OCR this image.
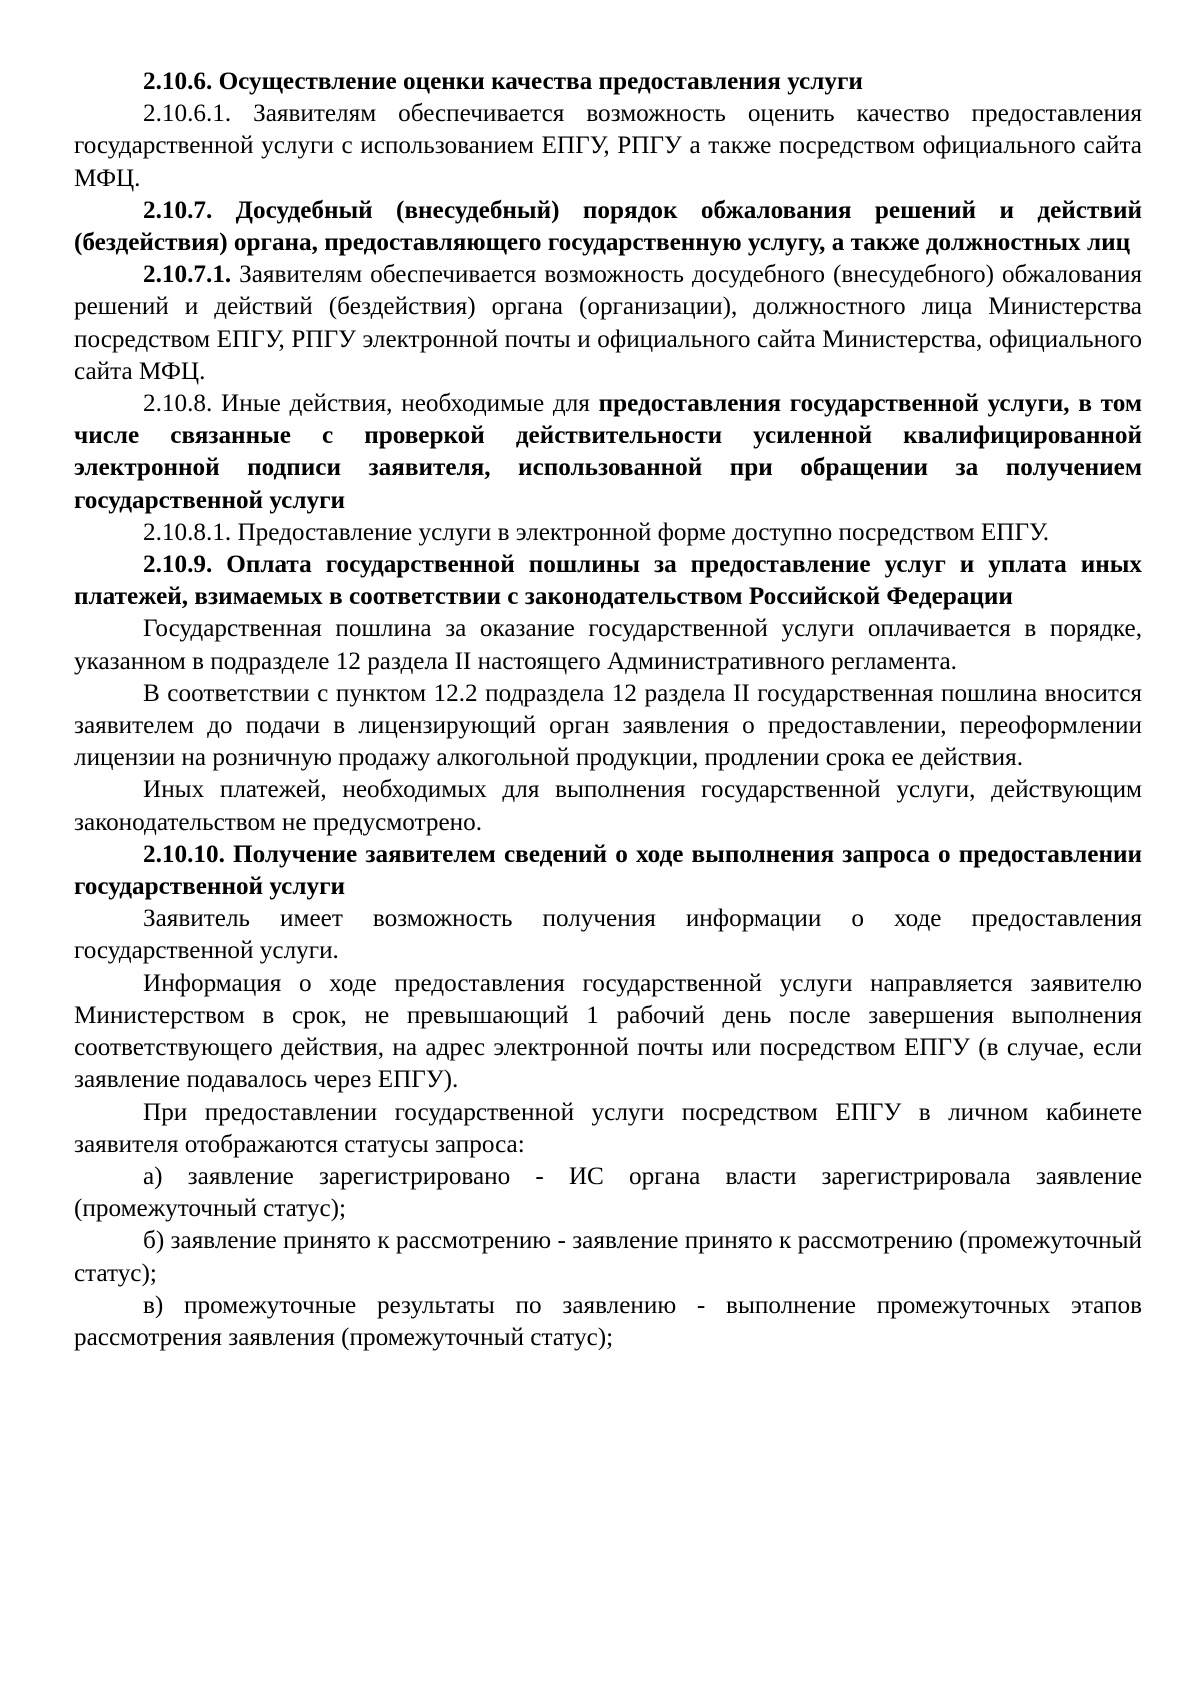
2.10.6. Осуществление оценки качества предоставления услуги

2.10.6.1. Заявителям обеспечивается возможность оценить качество предоставления государственной услуги с использованием ЕПГУ, РПГУ а также посредством официального сайта МФЦ.

2.10.7. Досудебный (внесудебный) порядок обжалования решений и действий (бездействия) органа, предоставляющего государственную услугу, а также должностных лиц

2.10.7.1. Заявителям обеспечивается возможность досудебного (внесудебного) обжалования решений и действий (бездействия) органа (организации), должностного лица Министерства посредством ЕПГУ, РПГУ электронной почты и официального сайта Министерства, официального сайта МФЦ.

2.10.8. Иные действия, необходимые для предоставления государственной услуги, в том числе связанные с проверкой действительности усиленной квалифицированной электронной подписи заявителя, использованной при обращении за получением государственной услуги

2.10.8.1. Предоставление услуги в электронной форме доступно посредством ЕПГУ.

2.10.9. Оплата государственной пошлины за предоставление услуг и уплата иных платежей, взимаемых в соответствии с законодательством Российской Федерации

Государственная пошлина за оказание государственной услуги оплачивается в порядке, указанном в подразделе 12 раздела II настоящего Административного регламента.

В соответствии с пунктом 12.2 подраздела 12 раздела II государственная пошлина вносится заявителем до подачи в лицензирующий орган заявления о предоставлении, переоформлении лицензии на розничную продажу алкогольной продукции, продлении срока ее действия.

Иных платежей, необходимых для выполнения государственной услуги, действующим законодательством не предусмотрено.

2.10.10. Получение заявителем сведений о ходе выполнения запроса о предоставлении государственной услуги

Заявитель имеет возможность получения информации о ходе предоставления государственной услуги.

Информация о ходе предоставления государственной услуги направляется заявителю Министерством в срок, не превышающий 1 рабочий день после завершения выполнения соответствующего действия, на адрес электронной почты или посредством ЕПГУ (в случае, если заявление подавалось через ЕПГУ).

При предоставлении государственной услуги посредством ЕПГУ в личном кабинете заявителя отображаются статусы запроса:

а) заявление зарегистрировано - ИС органа власти зарегистрировала заявление (промежуточный статус);

б) заявление принято к рассмотрению - заявление принято к рассмотрению (промежуточный статус);

в) промежуточные результаты по заявлению - выполнение промежуточных этапов рассмотрения заявления (промежуточный статус);
